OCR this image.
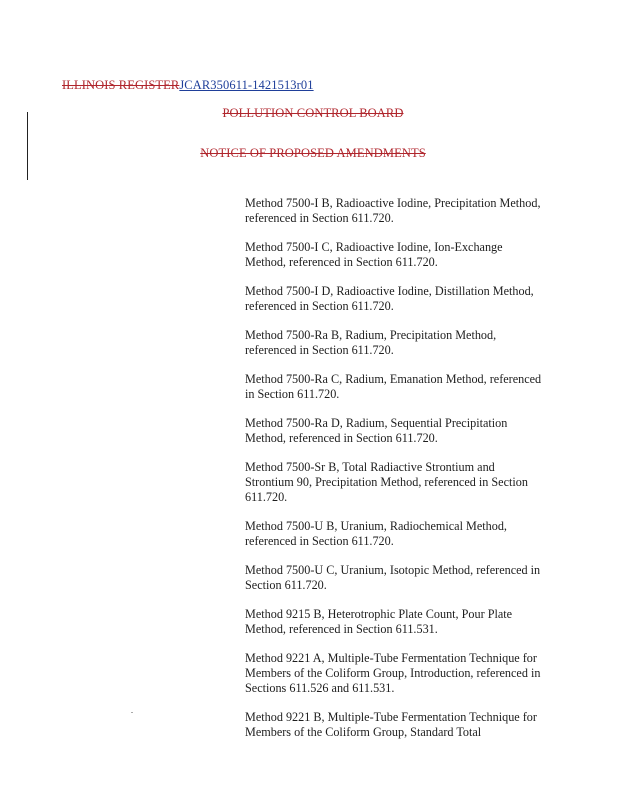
ILLINOIS REGISTERJCAR350611-1421513r01
POLLUTION CONTROL BOARD
NOTICE OF PROPOSED AMENDMENTS

Method 7500-I B, Radioactive Iodine, Precipitation Method, referenced in Section 611.720.

Method 7500-I C, Radioactive Iodine, Ion-Exchange Method, referenced in Section 611.720.

Method 7500-I D, Radioactive Iodine, Distillation Method, referenced in Section 611.720.

Method 7500-Ra B, Radium, Precipitation Method, referenced in Section 611.720.

Method 7500-Ra C, Radium, Emanation Method, referenced in Section 611.720.

Method 7500-Ra D, Radium, Sequential Precipitation Method, referenced in Section 611.720.

Method 7500-Sr B, Total Radiactive Strontium and Strontium 90, Precipitation Method, referenced in Section 611.720.

Method 7500-U B, Uranium, Radiochemical Method, referenced in Section 611.720.

Method 7500-U C, Uranium, Isotopic Method, referenced in Section 611.720.

Method 9215 B, Heterotrophic Plate Count, Pour Plate Method, referenced in Section 611.531.

Method 9221 A, Multiple-Tube Fermentation Technique for Members of the Coliform Group, Introduction, referenced in Sections 611.526 and 611.531.

Method 9221 B, Multiple-Tube Fermentation Technique for Members of the Coliform Group, Standard Total
